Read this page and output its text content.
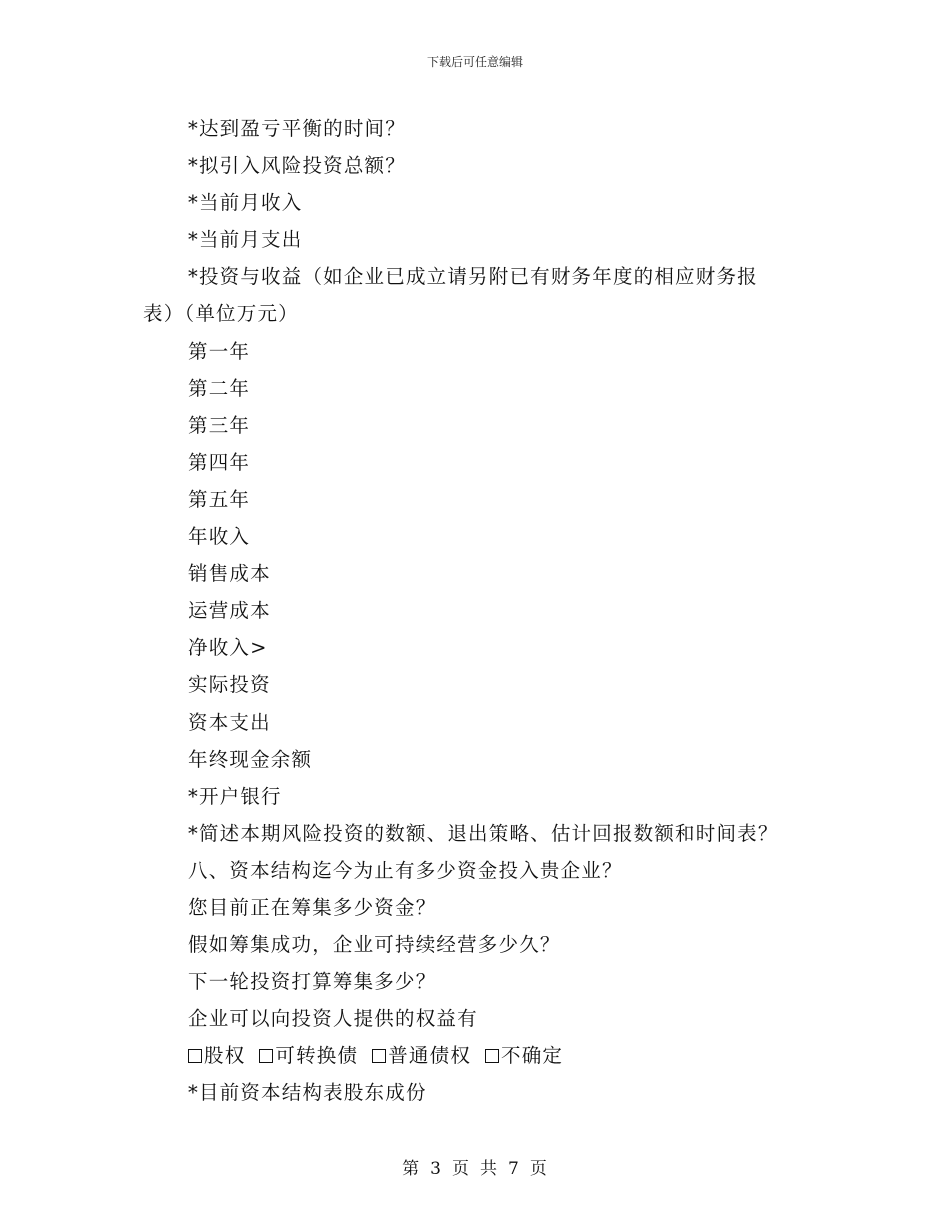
下载后可任意编辑
*达到盈亏平衡的时间？
*拟引入风险投资总额？
*当前月收入
*当前月支出
*投资与收益（如企业已成立请另附已有财务年度的相应财务报
表）（单位万元）
第一年
第二年
第三年
第四年
第五年
年收入
销售成本
运营成本
净收入>
实际投资
资本支出
年终现金余额
*开户银行
*简述本期风险投资的数额、退出策略、估计回报数额和时间表？
八、资本结构迄今为止有多少资金投入贵企业？
您目前正在筹集多少资金？
假如筹集成功，企业可持续经营多少久？
下一轮投资打算筹集多少？
企业可以向投资人提供的权益有
股权 可转换债 普通债权 不确定
*目前资本结构表股东成份
第 3 页 共 7 页
